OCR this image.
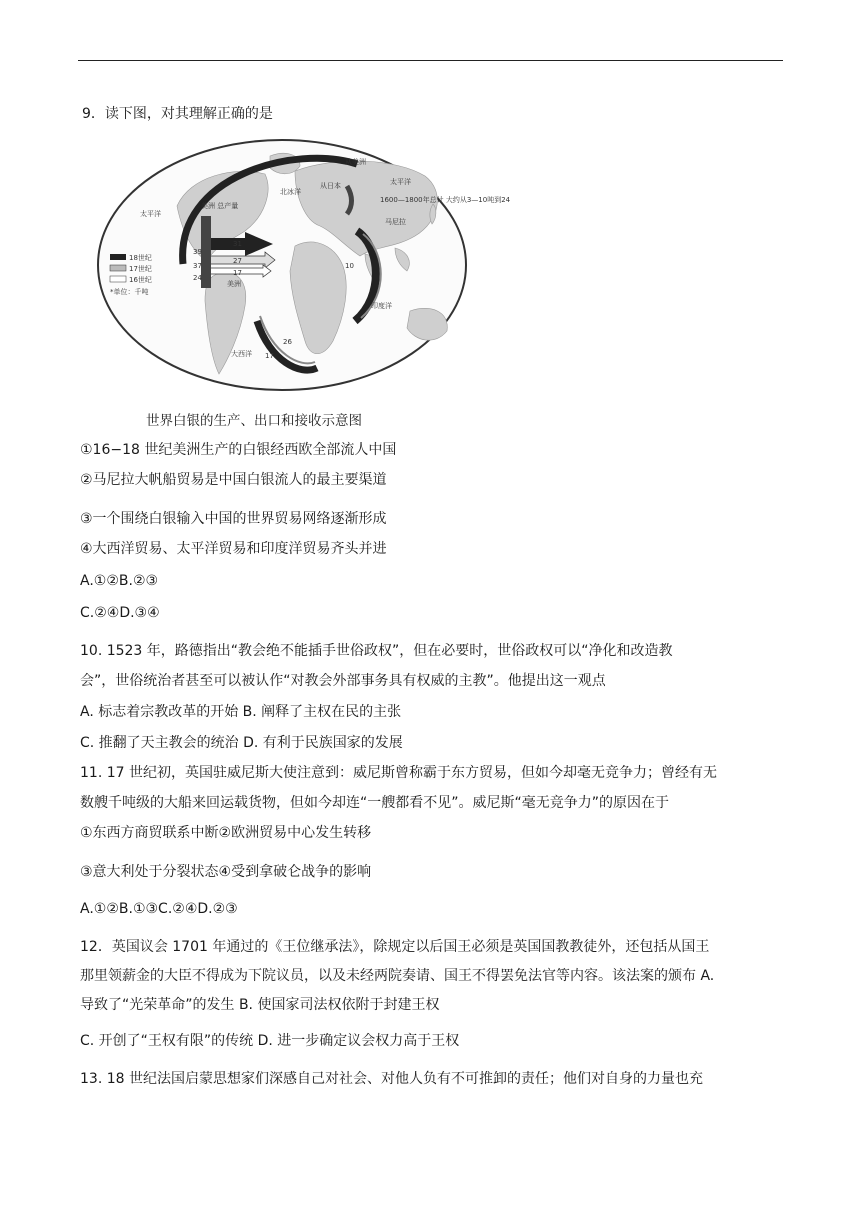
9．读下图，对其理解正确的是
18世纪
17世纪
16世纪
*单位：千吨
太平洋
北冰洋
太平洋
印度洋
大西洋
美洲
美洲 总产量
从日本
从美洲
1600—1800年总计 大约从3—10吨到24
马尼拉
31
27
17
39
37
24
10
26
17
世界白银的生产、出口和接收示意图
①16−18 世纪美洲生产的白银经西欧全部流人中国
②马尼拉大帆船贸易是中国白银流人的最主要渠道
③一个围绕白银输入中国的世界贸易网络逐渐形成
④大西洋贸易、太平洋贸易和印度洋贸易齐头并进
A.①②B.②③
C.②④D.③④
10. 1523 年，路德指出“教会绝不能插手世俗政权”，但在必要时，世俗政权可以“净化和改造教
会”，世俗统治者甚至可以被认作“对教会外部事务具有权威的主教”。他提出这一观点
A. 标志着宗教改革的开始 B. 阐释了主权在民的主张
C. 推翻了天主教会的统治 D. 有利于民族国家的发展
11. 17 世纪初，英国驻威尼斯大使注意到：威尼斯曾称霸于东方贸易，但如今却毫无竞争力；曾经有无
数艘千吨级的大船来回运载货物，但如今却连“一艘都看不见”。威尼斯“毫无竞争力”的原因在于
①东西方商贸联系中断②欧洲贸易中心发生转移
③意大利处于分裂状态④受到拿破仑战争的影响
A.①②B.①③C.②④D.②③
12．英国议会 1701 年通过的《王位继承法》，除规定以后国王必须是英国国教教徒外，还包括从国王
那里领薪金的大臣不得成为下院议员，以及未经两院奏请、国王不得罢免法官等内容。该法案的颁布 A.
导致了“光荣革命”的发生 B. 使国家司法权依附于封建王权
C. 开创了“王权有限”的传统 D. 进一步确定议会权力高于王权
13. 18 世纪法国启蒙思想家们深感自己对社会、对他人负有不可推卸的责任；他们对自身的力量也充
